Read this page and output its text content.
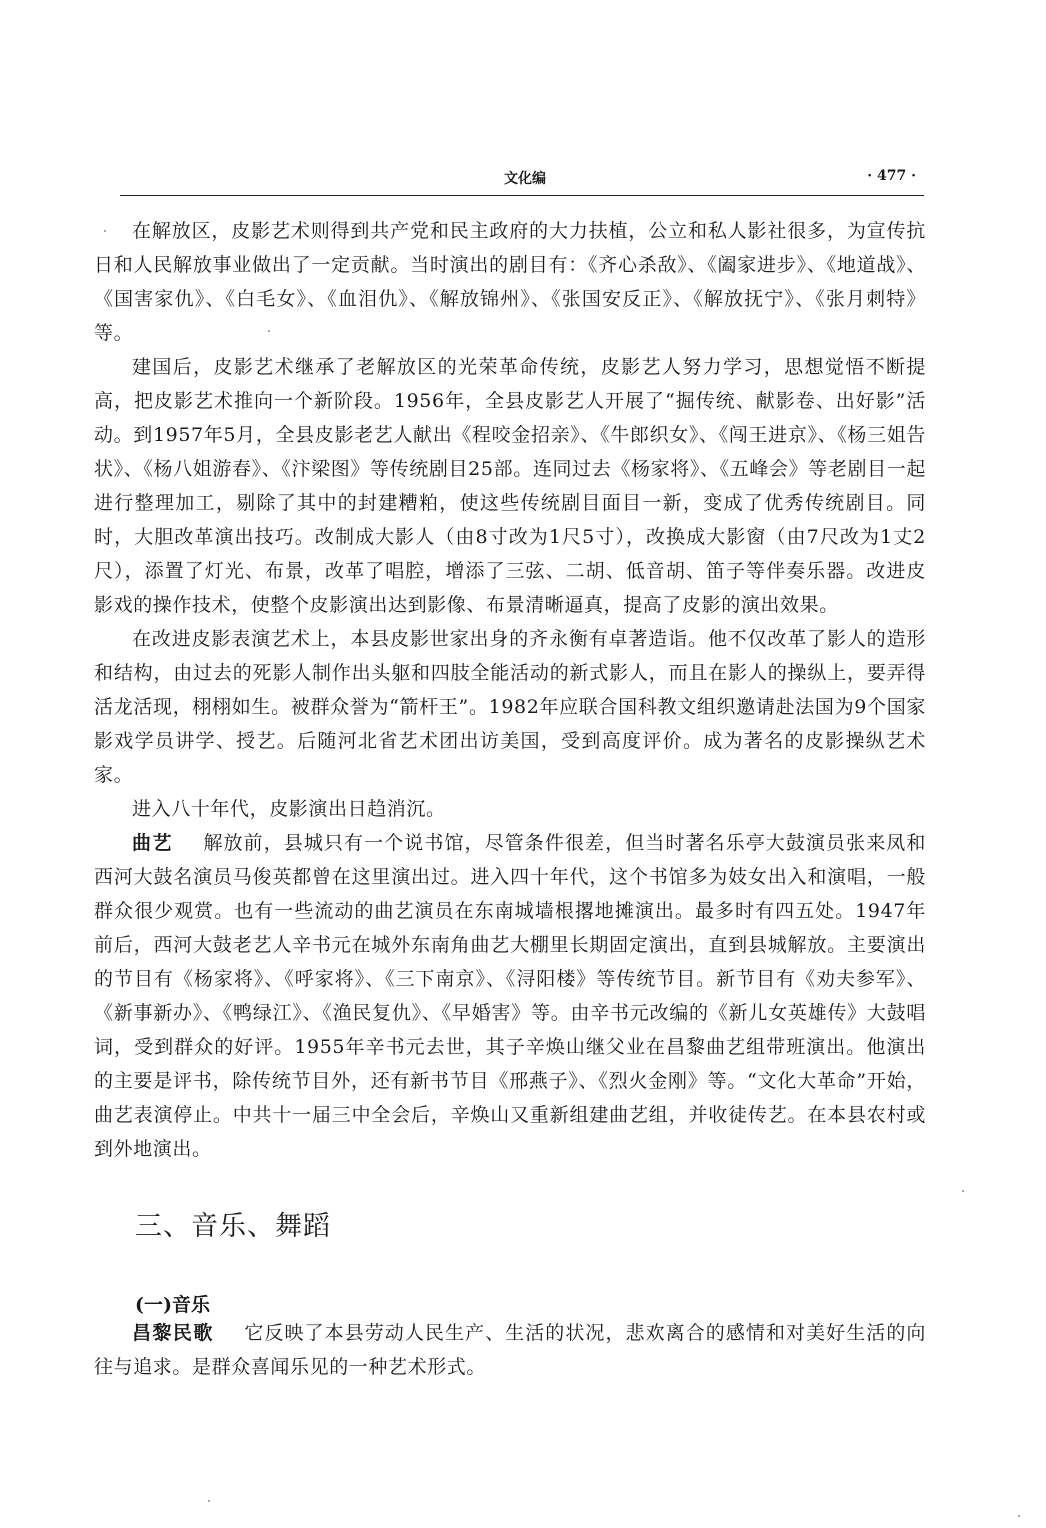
文化编	· 477 ·

在解放区，皮影艺术则得到共产党和民主政府的大力扶植，公立和私人影社很多，为宣传抗日和人民解放事业做出了一定贡献。当时演出的剧目有：《齐心杀敌》、《阖家进步》、《地道战》、《国害家仇》、《白毛女》、《血泪仇》、《解放锦州》、《张国安反正》、《解放抚宁》、《张月刺特》等。

建国后，皮影艺术继承了老解放区的光荣革命传统，皮影艺人努力学习，思想觉悟不断提高，把皮影艺术推向一个新阶段。1956年，全县皮影艺人开展了“掘传统、献影卷、出好影”活动。到1957年5月，全县皮影老艺人献出《程咬金招亲》、《牛郎织女》、《闯王进京》、《杨三姐告状》、《杨八姐游春》、《汴梁图》等传统剧目25部。连同过去《杨家将》、《五峰会》等老剧目一起进行整理加工，剔除了其中的封建糟粕，使这些传统剧目面目一新，变成了优秀传统剧目。同时，大胆改革演出技巧。改制成大影人（由8寸改为1尺5寸），改换成大影窗（由7尺改为1丈2尺），添置了灯光、布景，改革了唱腔，增添了三弦、二胡、低音胡、笛子等伴奏乐器。改进皮影戏的操作技术，使整个皮影演出达到影像、布景清晰逼真，提高了皮影的演出效果。

在改进皮影表演艺术上，本县皮影世家出身的齐永衡有卓著造诣。他不仅改革了影人的造形和结构，由过去的死影人制作出头躯和四肢全能活动的新式影人，而且在影人的操纵上，要弄得活龙活现，栩栩如生。被群众誉为“箭杆王”。1982年应联合国科教文组织邀请赴法国为9个国家影戏学员讲学、授艺。后随河北省艺术团出访美国，受到高度评价。成为著名的皮影操纵艺术家。

进入八十年代，皮影演出日趋消沉。

曲艺 解放前，县城只有一个说书馆，尽管条件很差，但当时著名乐亭大鼓演员张来凤和西河大鼓名演员马俊英都曾在这里演出过。进入四十年代，这个书馆多为妓女出入和演唱，一般群众很少观赏。也有一些流动的曲艺演员在东南城墙根撂地摊演出。最多时有四五处。1947年前后，西河大鼓老艺人辛书元在城外东南角曲艺大棚里长期固定演出，直到县城解放。主要演出的节目有《杨家将》、《呼家将》、《三下南京》、《浔阳楼》等传统节目。新节目有《劝夫参军》、《新事新办》、《鸭绿江》、《渔民复仇》、《早婚害》等。由辛书元改编的《新儿女英雄传》大鼓唱词，受到群众的好评。1955年辛书元去世，其子辛焕山继父业在昌黎曲艺组带班演出。他演出的主要是评书，除传统节目外，还有新书节目《邢燕子》、《烈火金刚》等。“文化大革命”开始，曲艺表演停止。中共十一届三中全会后，辛焕山又重新组建曲艺组，并收徒传艺。在本县农村或到外地演出。

三、音乐、舞蹈
(一)音乐

昌黎民歌 它反映了本县劳动人民生产、生活的状况，悲欢离合的感情和对美好生活的向往与追求。是群众喜闻乐见的一种艺术形式。
